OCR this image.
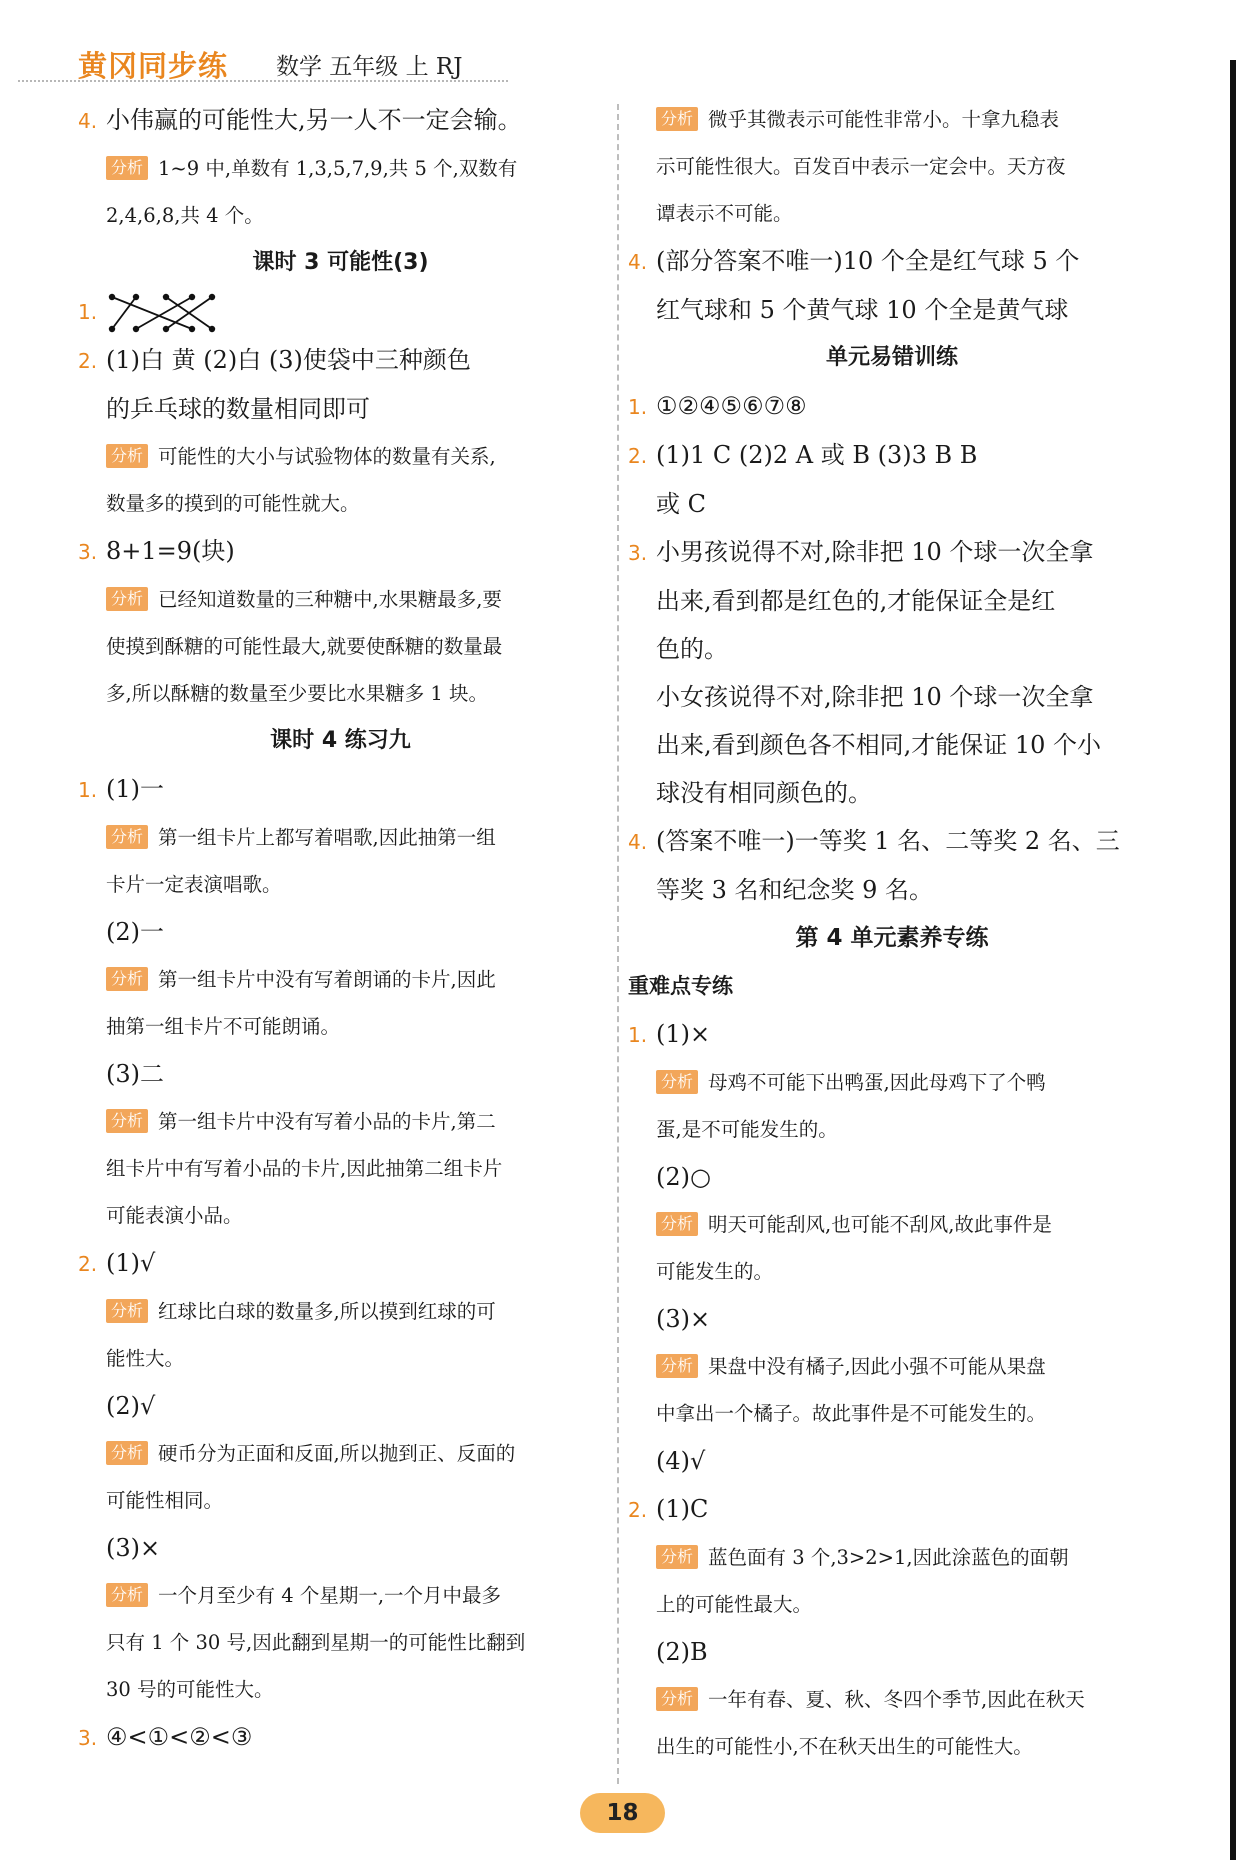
黄冈同步练 数学 五年级 上 RJ
4. 小伟赢的可能性大,另一人不一定会输。
分析 1~9 中,单数有 1,3,5,7,9,共 5 个,双数有
2,4,6,8,共 4 个。
课时 3 可能性(3)
1.
2. (1)白 黄 (2)白 (3)使袋中三种颜色
的乒乓球的数量相同即可
分析 可能性的大小与试验物体的数量有关系,
数量多的摸到的可能性就大。
3. 8+1=9(块)
分析 已经知道数量的三种糖中,水果糖最多,要
使摸到酥糖的可能性最大,就要使酥糖的数量最
多,所以酥糖的数量至少要比水果糖多 1 块。
课时 4 练习九
1. (1)一
分析 第一组卡片上都写着唱歌,因此抽第一组
卡片一定表演唱歌。
(2)一
分析 第一组卡片中没有写着朗诵的卡片,因此
抽第一组卡片不可能朗诵。
(3)二
分析 第一组卡片中没有写着小品的卡片,第二
组卡片中有写着小品的卡片,因此抽第二组卡片
可能表演小品。
2. (1)√
分析 红球比白球的数量多,所以摸到红球的可
能性大。
(2)√
分析 硬币分为正面和反面,所以抛到正、反面的
可能性相同。
(3)×
分析 一个月至少有 4 个星期一,一个月中最多
只有 1 个 30 号,因此翻到星期一的可能性比翻到
30 号的可能性大。
3. ④<①<②<③
分析 微乎其微表示可能性非常小。十拿九稳表
示可能性很大。百发百中表示一定会中。天方夜
谭表示不可能。
4. (部分答案不唯一)10 个全是红气球 5 个
红气球和 5 个黄气球 10 个全是黄气球
单元易错训练
1. ①②④⑤⑥⑦⑧
2. (1)1 C (2)2 A 或 B (3)3 B B
或 C
3. 小男孩说得不对,除非把 10 个球一次全拿
出来,看到都是红色的,才能保证全是红
色的。
小女孩说得不对,除非把 10 个球一次全拿
出来,看到颜色各不相同,才能保证 10 个小
球没有相同颜色的。
4. (答案不唯一)一等奖 1 名、二等奖 2 名、三
等奖 3 名和纪念奖 9 名。
第 4 单元素养专练
重难点专练
1. (1)×
分析 母鸡不可能下出鸭蛋,因此母鸡下了个鸭
蛋,是不可能发生的。
(2)○
分析 明天可能刮风,也可能不刮风,故此事件是
可能发生的。
(3)×
分析 果盘中没有橘子,因此小强不可能从果盘
中拿出一个橘子。故此事件是不可能发生的。
(4)√
2. (1)C
分析 蓝色面有 3 个,3>2>1,因此涂蓝色的面朝
上的可能性最大。
(2)B
分析 一年有春、夏、秋、冬四个季节,因此在秋天
出生的可能性小,不在秋天出生的可能性大。
18
